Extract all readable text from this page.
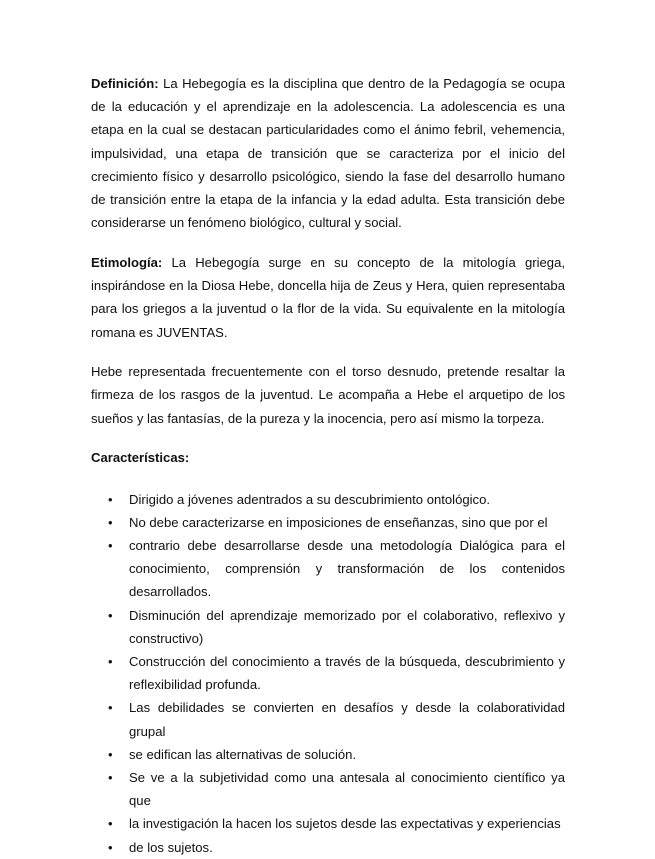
Definición: La Hebegogía es la disciplina que dentro de la Pedagogía se ocupa de la educación y el aprendizaje en la adolescencia. La adolescencia es una etapa en la cual se destacan particularidades como el ánimo febril, vehemencia, impulsividad, una etapa de transición que se caracteriza por el inicio del crecimiento físico y desarrollo psicológico, siendo la fase del desarrollo humano de transición entre la etapa de la infancia y la edad adulta. Esta transición debe considerarse un fenómeno biológico, cultural y social.

Etimología: La Hebegogía surge en su concepto de la mitología griega, inspirándose en la Diosa Hebe, doncella hija de Zeus y Hera, quien representaba para los griegos a la juventud o la flor de la vida. Su equivalente en la mitología romana es JUVENTAS.

Hebe representada frecuentemente con el torso desnudo, pretende resaltar la firmeza de los rasgos de la juventud. Le acompaña a Hebe el arquetipo de los sueños y las fantasías, de la pureza y la inocencia, pero así mismo la torpeza.

Características:
•	Dirigido a jóvenes adentrados a su descubrimiento ontológico.
•	No debe caracterizarse en imposiciones de enseñanzas, sino que por el
•	contrario debe desarrollarse desde una metodología Dialógica para el conocimiento, comprensión y transformación de los contenidos desarrollados.
•	Disminución del aprendizaje memorizado por el colaborativo, reflexivo y constructivo)
•	Construcción del conocimiento a través de la búsqueda, descubrimiento y reflexibilidad profunda.
•	Las debilidades se convierten en desafíos y desde la colaboratividad grupal
•	se edifican las alternativas de solución.
•	Se ve a la subjetividad como una antesala al conocimiento científico ya que
•	la investigación la hacen los sujetos desde las expectativas y experiencias
•	de los sujetos.
